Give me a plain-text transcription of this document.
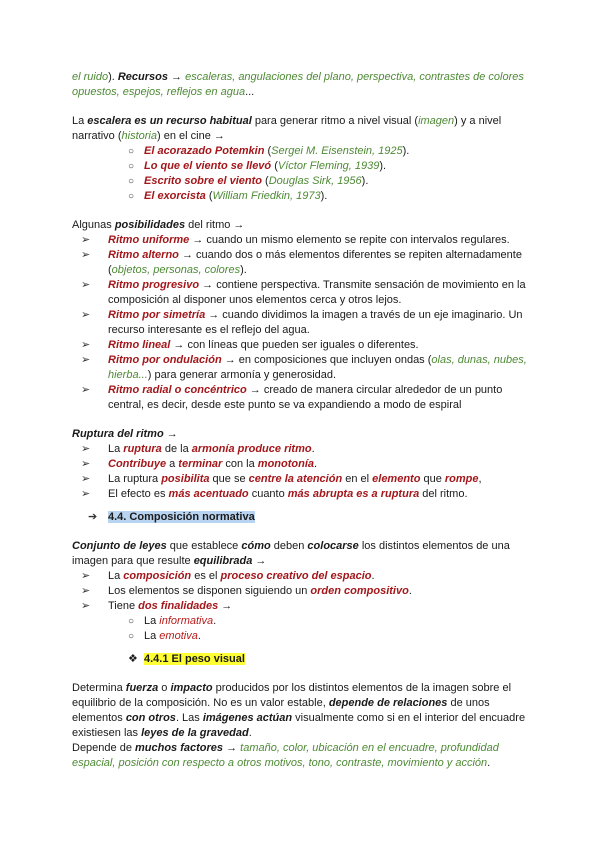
el ruido). Recursos → escaleras, angulaciones del plano, perspectiva, contrastes de colores opuestos, espejos, reflejos en agua...

La escalera es un recurso habitual para generar ritmo a nivel visual (imagen) y a nivel narrativo (historia) en el cine →

○ El acorazado Potemkin (Sergei M. Eisenstein, 1925).
○ Lo que el viento se llevó (Víctor Fleming, 1939).
○ Escrito sobre el viento (Douglas Sirk, 1956).
○ El exorcista (William Friedkin, 1973).

Algunas posibilidades del ritmo →

➢ Ritmo uniforme → cuando un mismo elemento se repite con intervalos regulares.
➢ Ritmo alterno → cuando dos o más elementos diferentes se repiten alternadamente (objetos, personas, colores).
➢ Ritmo progresivo → contiene perspectiva. Transmite sensación de movimiento en la composición al disponer unos elementos cerca y otros lejos.
➢ Ritmo por simetría → cuando dividimos la imagen a través de un eje imaginario. Un recurso interesante es el reflejo del agua.
➢ Ritmo lineal → con líneas que pueden ser iguales o diferentes.
➢ Ritmo por ondulación → en composiciones que incluyen ondas (olas, dunas, nubes, hierba...) para generar armonía y generosidad.
➢ Ritmo radial o concéntrico → creado de manera circular alrededor de un punto central, es decir, desde este punto se va expandiendo a modo de espiral

Ruptura del ritmo →

➢ La ruptura de la armonía produce ritmo.
➢ Contribuye a terminar con la monotonía.
➢ La ruptura posibilita que se centre la atención en el elemento que rompe,
➢ El efecto es más acentuado cuanto más abrupta es a ruptura del ritmo.

➔ 4.4. Composición normativa

Conjunto de leyes que establece cómo deben colocarse los distintos elementos de una imagen para que resulte equilibrada →

➢ La composición es el proceso creativo del espacio.
➢ Los elementos se disponen siguiendo un orden compositivo.
➢ Tiene dos finalidades →
○ La informativa.
○ La emotiva.

❖ 4.4.1 El peso visual

Determina fuerza o impacto producidos por los distintos elementos de la imagen sobre el equilibrio de la composición. No es un valor estable, depende de relaciones de unos elementos con otros. Las imágenes actúan visualmente como si en el interior del encuadre existiesen las leyes de la gravedad.

Depende de muchos factores → tamaño, color, ubicación en el encuadre, profundidad espacial, posición con respecto a otros motivos, tono, contraste, movimiento y acción.
